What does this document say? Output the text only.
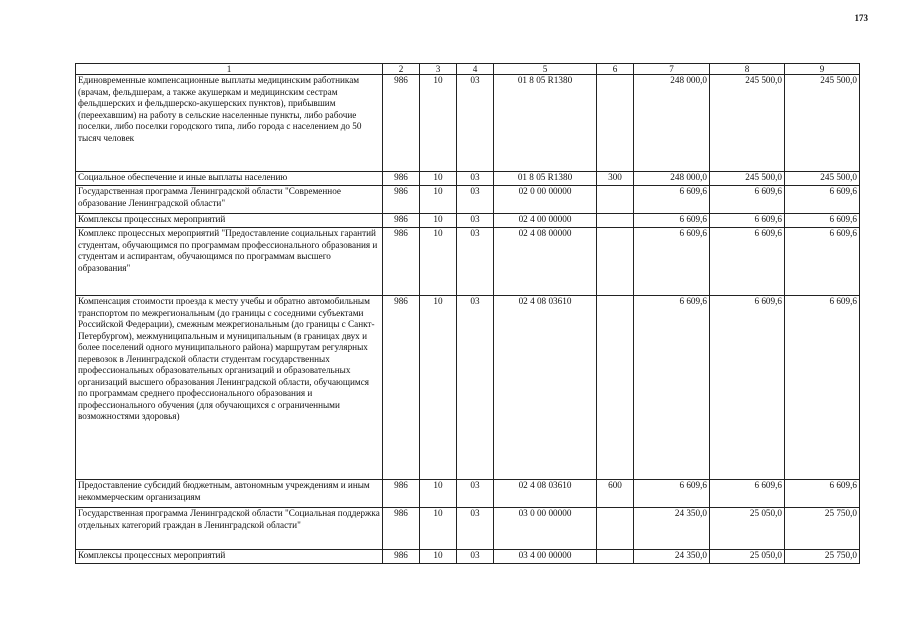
173
1	2	3	4	5	6	7	8	9
Единовременные компенсационные выплаты медицинским работникам (врачам, фельдшерам, а также акушеркам и медицинским сестрам фельдшерских и фельдшерско-акушерских пунктов), прибывшим (переехавшим) на работу в сельские населенные пункты, либо рабочие поселки, либо поселки городского типа, либо города с населением до 50 тысяч человек	986	10	03	01 8 05 R1380		248 000,0	245 500,0	245 500,0
Социальное обеспечение и иные выплаты населению	986	10	03	01 8 05 R1380	300	248 000,0	245 500,0	245 500,0
Государственная программа Ленинградской области "Современное образование Ленинградской области"	986	10	03	02 0 00 00000		6 609,6	6 609,6	6 609,6
Комплексы процессных мероприятий	986	10	03	02 4 00 00000		6 609,6	6 609,6	6 609,6
Комплекс процессных мероприятий "Предоставление социальных гарантий студентам, обучающимся по программам профессионального образования и студентам и аспирантам, обучающимся по программам высшего образования"	986	10	03	02 4 08 00000		6 609,6	6 609,6	6 609,6
Компенсация стоимости проезда к месту учебы и обратно автомобильным транспортом по межрегиональным (до границы с соседними субъектами Российской Федерации), смежным межрегиональным (до границы с Санкт-Петербургом), межмуниципальным и муниципальным (в границах двух и более поселений одного муниципального района) маршрутам регулярных перевозок в Ленинградской области студентам государственных профессиональных образовательных организаций и образовательных организаций высшего образования Ленинградской области, обучающимся по программам среднего профессионального образования и профессионального обучения (для обучающихся с ограниченными возможностями здоровья)	986	10	03	02 4 08 03610		6 609,6	6 609,6	6 609,6
Предоставление субсидий бюджетным, автономным учреждениям и иным некоммерческим организациям	986	10	03	02 4 08 03610	600	6 609,6	6 609,6	6 609,6
Государственная программа Ленинградской области "Социальная поддержка отдельных категорий граждан в Ленинградской области"	986	10	03	03 0 00 00000		24 350,0	25 050,0	25 750,0
Комплексы процессных мероприятий	986	10	03	03 4 00 00000		24 350,0	25 050,0	25 750,0
